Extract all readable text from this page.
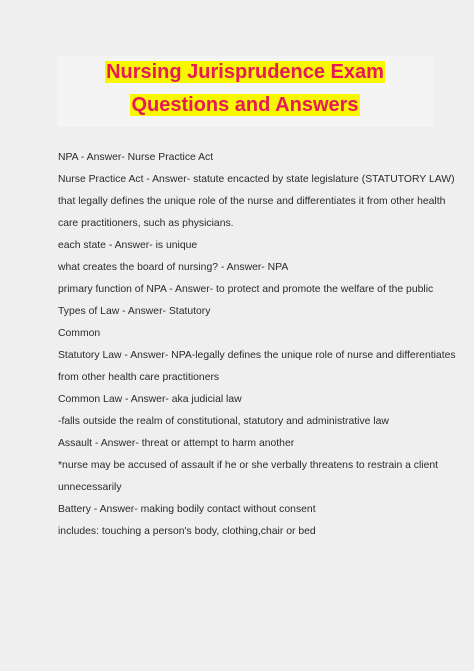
Nursing Jurisprudence Exam
Questions and Answers
NPA - Answer- Nurse Practice Act
Nurse Practice Act - Answer- statute encacted by state legislature (STATUTORY LAW)
that legally defines the unique role of the nurse and differentiates it from other health
care practitioners, such as physicians.
each state - Answer- is unique
what creates the board of nursing? - Answer- NPA
primary function of NPA - Answer- to protect and promote the welfare of the public
Types of Law - Answer- Statutory
Common
Statutory Law - Answer- NPA-legally defines the unique role of nurse and differentiates
from other health care practitioners
Common Law - Answer- aka judicial law
-falls outside the realm of constitutional, statutory and administrative law
Assault - Answer- threat or attempt to harm another
*nurse may be accused of assault if he or she verbally threatens to restrain a client
unnecessarily
Battery - Answer- making bodily contact without consent
includes: touching a person's body, clothing,chair or bed
